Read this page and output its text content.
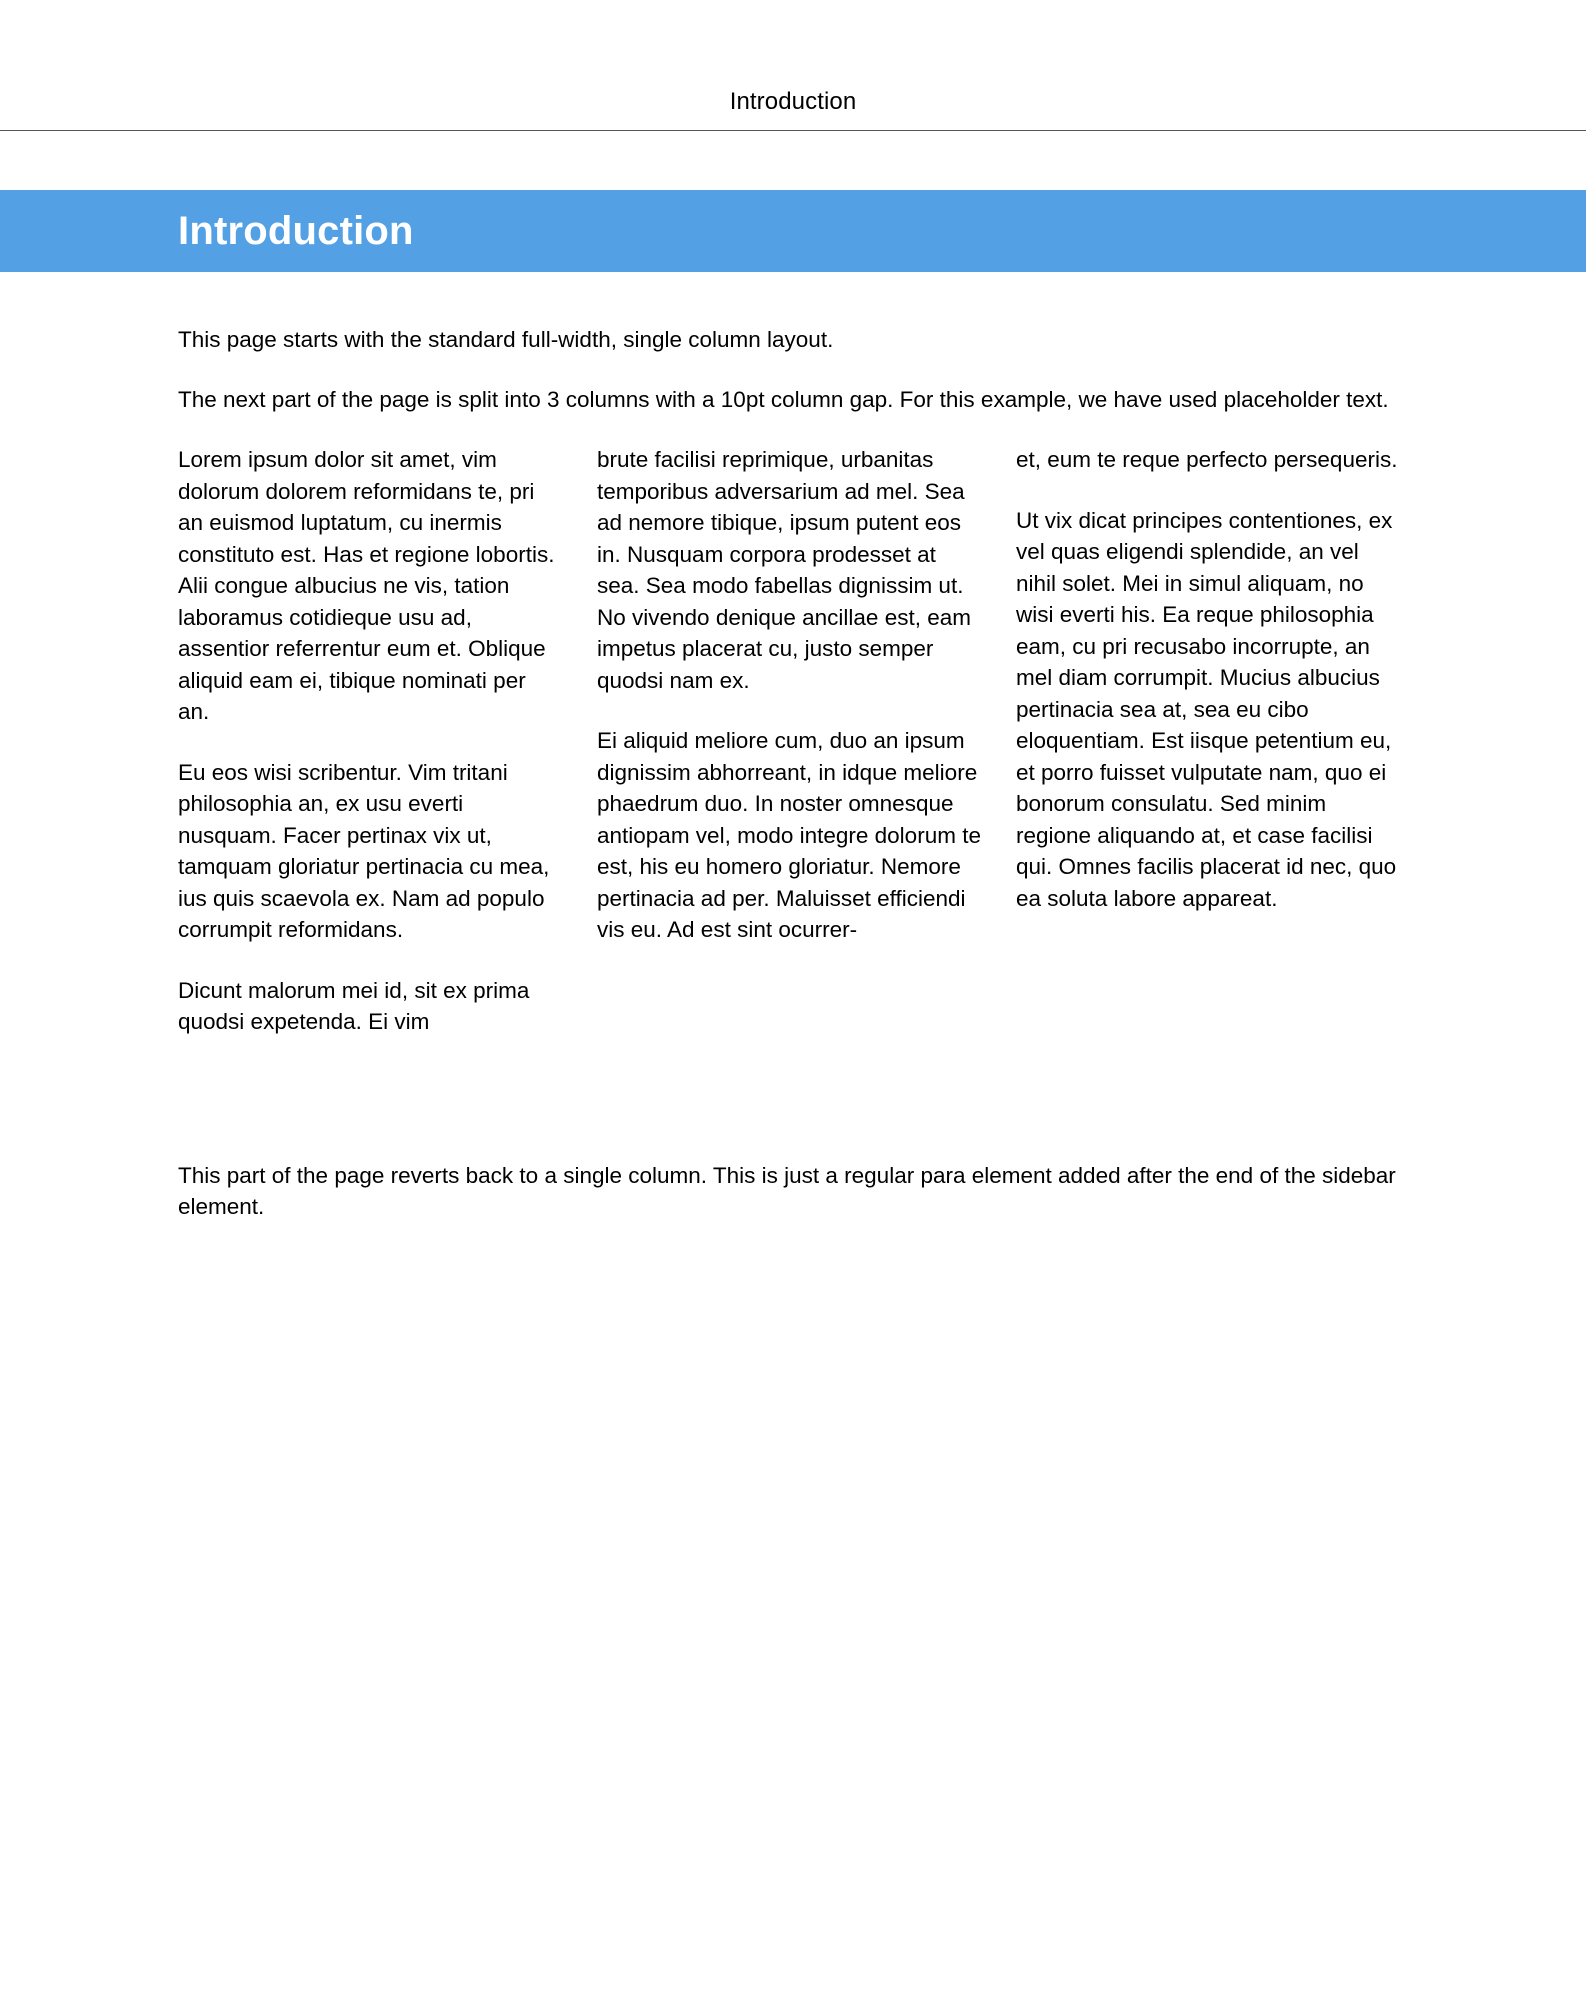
Introduction
Introduction

This page starts with the standard full-width, single column layout.

The next part of the page is split into 3 columns with a 10pt column gap. For this example, we have used placeholder text.

Lorem ipsum dolor sit amet, vim dolorum dolorem reformidans te, pri an euismod luptatum, cu inermis constituto est. Has et regione lobortis. Alii congue albucius ne vis, tation laboramus cotidieque usu ad, assentior referrentur eum et. Oblique aliquid eam ei, tibique nominati per an.

Eu eos wisi scribentur. Vim tritani philosophia an, ex usu everti nusquam. Facer pertinax vix ut, tamquam gloriatur pertinacia cu mea, ius quis scaevola ex. Nam ad populo corrumpit reformidans.

Dicunt malorum mei id, sit ex prima quodsi expetenda. Ei vim

brute facilisi reprimique, urbanitas temporibus adversarium ad mel. Sea ad nemore tibique, ipsum putent eos in. Nusquam corpora prodesset at sea. Sea modo fabellas dignissim ut. No vivendo denique ancillae est, eam impetus placerat cu, justo semper quodsi nam ex.

Ei aliquid meliore cum, duo an ipsum dignissim abhorreant, in idque meliore phaedrum duo. In noster omnesque antiopam vel, modo integre dolorum te est, his eu homero gloriatur. Nemore pertinacia ad per. Maluisset efficiendi vis eu. Ad est sint ocurrer-

et, eum te reque perfecto persequeris.

Ut vix dicat principes contentiones, ex vel quas eligendi splendide, an vel nihil solet. Mei in simul aliquam, no wisi everti his. Ea reque philosophia eam, cu pri recusabo incorrupte, an mel diam corrumpit. Mucius albucius pertinacia sea at, sea eu cibo eloquentiam. Est iisque petentium eu, et porro fuisset vulputate nam, quo ei bonorum consulatu. Sed minim regione aliquando at, et case facilisi qui. Omnes facilis placerat id nec, quo ea soluta labore appareat.

This part of the page reverts back to a single column. This is just a regular para element added after the end of the sidebar element.
